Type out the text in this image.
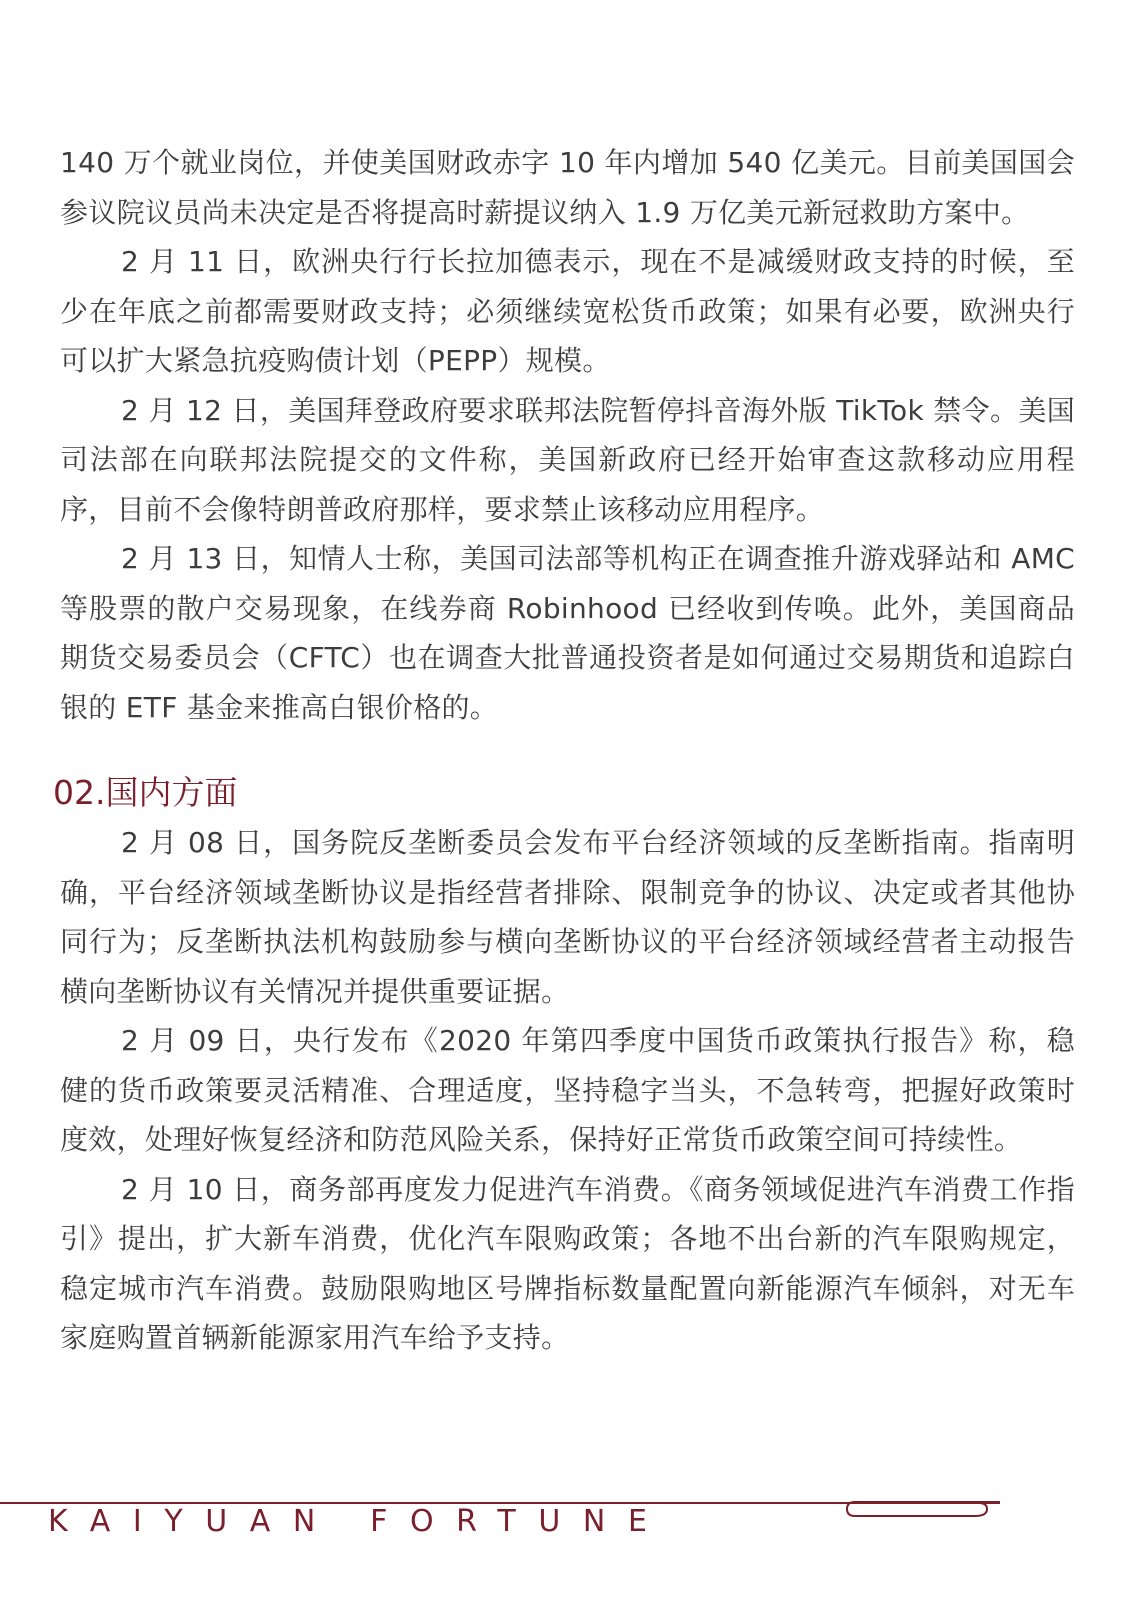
140 万个就业岗位，并使美国财政赤字 10 年内增加 540 亿美元。目前美国国会参议院议员尚未决定是否将提高时薪提议纳入 1.9 万亿美元新冠救助方案中。

2 月 11 日，欧洲央行行长拉加德表示，现在不是减缓财政支持的时候，至少在年底之前都需要财政支持；必须继续宽松货币政策；如果有必要，欧洲央行可以扩大紧急抗疫购债计划（PEPP）规模。

2 月 12 日，美国拜登政府要求联邦法院暂停抖音海外版 TikTok 禁令。美国司法部在向联邦法院提交的文件称，美国新政府已经开始审查这款移动应用程序，目前不会像特朗普政府那样，要求禁止该移动应用程序。

2 月 13 日，知情人士称，美国司法部等机构正在调查推升游戏驿站和 AMC 等股票的散户交易现象，在线券商 Robinhood 已经收到传唤。此外，美国商品期货交易委员会（CFTC）也在调查大批普通投资者是如何通过交易期货和追踪白银的 ETF 基金来推高白银价格的。

02.国内方面

2 月 08 日，国务院反垄断委员会发布平台经济领域的反垄断指南。指南明确，平台经济领域垄断协议是指经营者排除、限制竞争的协议、决定或者其他协同行为；反垄断执法机构鼓励参与横向垄断协议的平台经济领域经营者主动报告横向垄断协议有关情况并提供重要证据。

2 月 09 日，央行发布《2020 年第四季度中国货币政策执行报告》称，稳健的货币政策要灵活精准、合理适度，坚持稳字当头，不急转弯，把握好政策时度效，处理好恢复经济和防范风险关系，保持好正常货币政策空间可持续性。

2 月 10 日，商务部再度发力促进汽车消费。《商务领域促进汽车消费工作指引》提出，扩大新车消费，优化汽车限购政策；各地不出台新的汽车限购规定，稳定城市汽车消费。鼓励限购地区号牌指标数量配置向新能源汽车倾斜，对无车家庭购置首辆新能源家用汽车给予支持。

KAIYUAN FORTUNE
